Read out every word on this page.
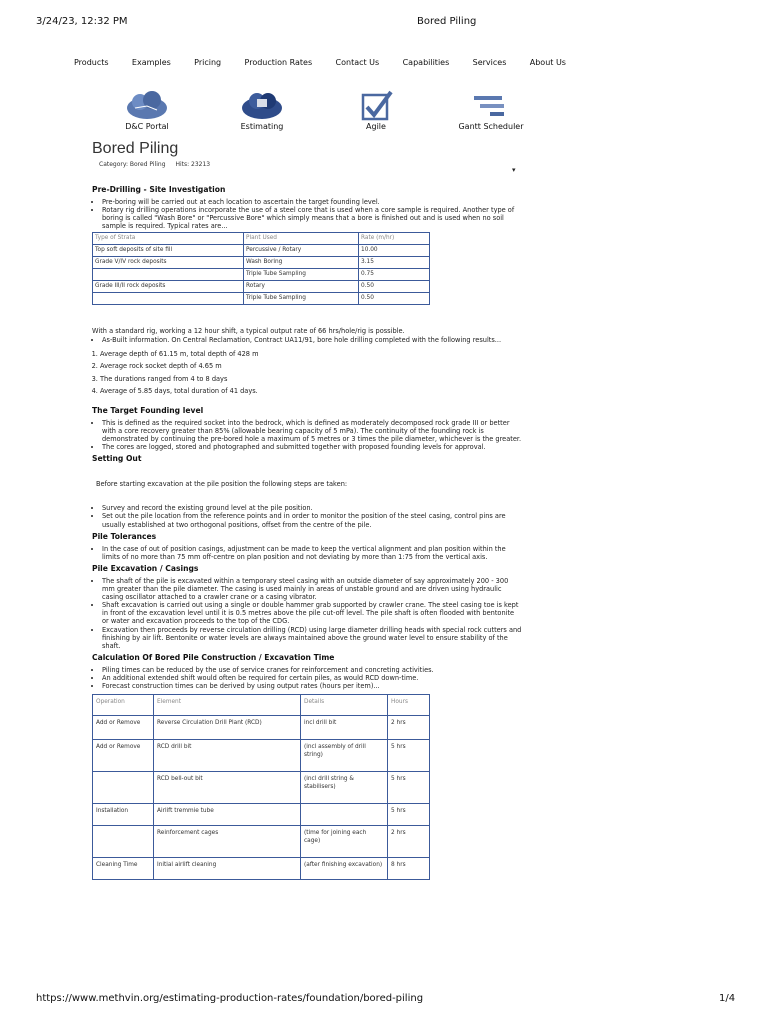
3/24/23, 12:32 PM	Bored Piling
https://www.methvin.org/estimating-production-rates/foundation/bored-piling	1/4
Products	Examples	Pricing	Production Rates	Contact Us	Capabilities	Services	About Us
D&C Portal	Estimating	Agile	Gantt Scheduler
Bored Piling
Category: Bored Piling Hits: 23213
▾
Pre-Drilling - Site Investigation
• Pre-boring will be carried out at each location to ascertain the target founding level.
• Rotary rig drilling operations incorporate the use of a steel core that is used when a core sample is required. Another type of boring is called "Wash Bore" or "Percussive Bore" which simply means that a bore is finished out and is used when no soil sample is required. Typical rates are...
Type of Strata	Plant Used	Rate (m/hr)
Top soft deposits of site fill	Percussive / Rotary	10.00
Grade V/IV rock deposits	Wash Boring	3.15
	Triple Tube Sampling	0.75
Grade III/II rock deposits	Rotary	0.50
	Triple Tube Sampling	0.50

With a standard rig, working a 12 hour shift, a typical output rate of 66 hrs/hole/rig is possible.

• As-Built information. On Central Reclamation, Contract UA11/91, bore hole drilling completed with the following results...
1. Average depth of 61.15 m, total depth of 428 m
2. Average rock socket depth of 4.65 m
3. The durations ranged from 4 to 8 days
4. Average of 5.85 days, total duration of 41 days.
The Target Founding level
• This is defined as the required socket into the bedrock, which is defined as moderately decomposed rock grade III or better with a core recovery greater than 85% (allowable bearing capacity of 5 mPa). The continuity of the founding rock is demonstrated by continuing the pre-bored hole a maximum of 5 metres or 3 times the pile diameter, whichever is the greater.
• The cores are logged, stored and photographed and submitted together with proposed founding levels for approval.
Setting Out

Before starting excavation at the pile position the following steps are taken:

• Survey and record the existing ground level at the pile position.
• Set out the pile location from the reference points and in order to monitor the position of the steel casing, control pins are usually established at two orthogonal positions, offset from the centre of the pile.
Pile Tolerances
• In the case of out of position casings, adjustment can be made to keep the vertical alignment and plan position within the limits of no more than 75 mm off-centre on plan position and not deviating by more than 1:75 from the vertical axis.
Pile Excavation / Casings
• The shaft of the pile is excavated within a temporary steel casing with an outside diameter of say approximately 200 - 300 mm greater than the pile diameter. The casing is used mainly in areas of unstable ground and are driven using hydraulic casing oscillator attached to a crawler crane or a casing vibrator.
• Shaft excavation is carried out using a single or double hammer grab supported by crawler crane. The steel casing toe is kept in front of the excavation level until it is 0.5 metres above the pile cut-off level. The pile shaft is often flooded with bentonite or water and excavation proceeds to the top of the CDG.
• Excavation then proceeds by reverse circulation drilling (RCD) using large diameter drilling heads with special rock cutters and finishing by air lift. Bentonite or water levels are always maintained above the ground water level to ensure stability of the shaft.
Calculation Of Bored Pile Construction / Excavation Time
• Piling times can be reduced by the use of service cranes for reinforcement and concreting activities.
• An additional extended shift would often be required for certain piles, as would RCD down-time.
• Forecast construction times can be derived by using output rates (hours per item)...
Operation	Element	Details	Hours
Add or Remove	Reverse Circulation Drill Plant (RCD)	incl drill bit	2 hrs
Add or Remove	RCD drill bit	(incl assembly of drill string)	5 hrs
	RCD bell-out bit	(incl drill string & stabilisers)	5 hrs
Installation	Airlift tremmie tube		5 hrs
	Reinforcement cages	(time for joining each cage)	2 hrs
Cleaning Time	Initial airlift cleaning	(after finishing excavation)	8 hrs
